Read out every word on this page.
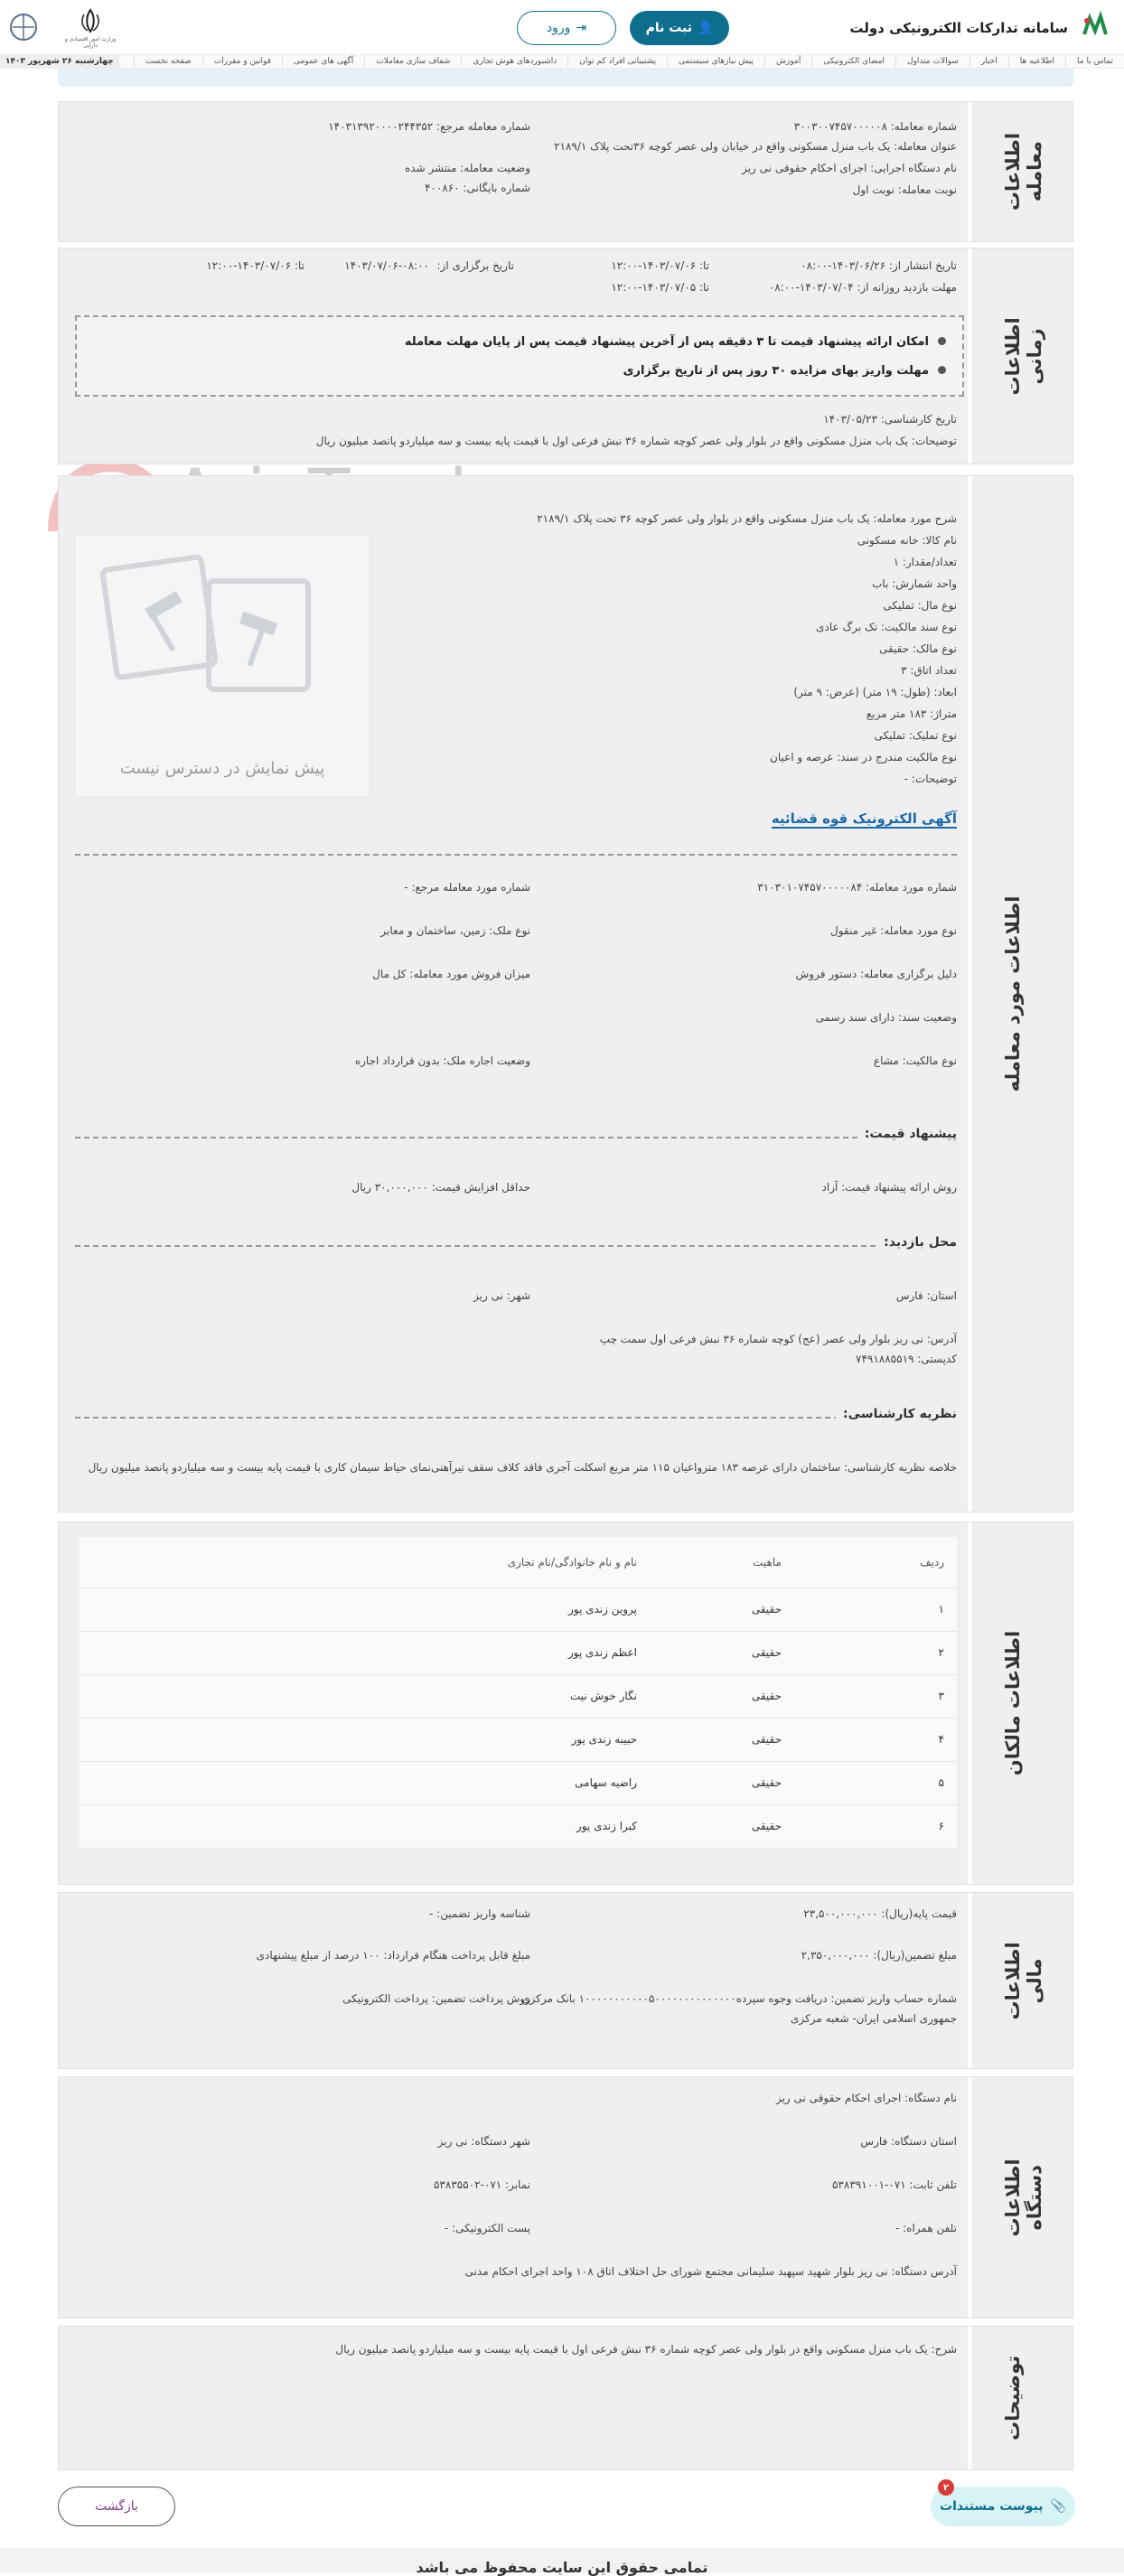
سامانه تدارکات الکترونیکی دولت
👤
ثبت نام
⇥
ورود
وزارت امور اقتصادی و دارایی
صفحه نخست	قوانین و مقررات	آگهی های عمومی	شفاف سازی معاملات	داشبوردهای هوش تجاری	پشتیبانی افراد کم توان	پیش نیازهای سیستمی	آموزش	امضای الکترونیکی	سوالات متداول	اخبار	اطلاعیه ها	تماس با ما
چهارشنبه ۲۶ شهریور ۱۴۰۳
اطلاعات معامله
شماره معامله: ۳۰۰۳۰۰۷۴۵۷۰۰۰۰۰۸
شماره معامله مرجع: ۱۴۰۳۱۳۹۲۰۰۰۰۲۴۴۳۵۲
عنوان معامله: یک باب منزل مسکونی واقع در خیابان ولی عصر کوچه ۳۶تحت پلاک ۲۱۸۹/۱
وضعیت معامله: منتشر شده	نام دستگاه اجرایی: اجرای احکام حقوقی نی ریز
شماره بایگانی: ۴۰۰۸۶۰	نوبت معامله: نوبت اول
اطلاعات زمانی
تاریخ انتشار از: ۱۴۰۳/۰۶/۲۶-۰۸:۰۰
تا: ۱۴۰۳/۰۷/۰۶-۱۲:۰۰
تاریخ برگزاری از:
۱۴۰۳/۰۷/۰۶-۰۸:۰۰
تا: ۱۴۰۳/۰۷/۰۶-۱۲:۰۰
مهلت بازدید روزانه از: ۱۴۰۳/۰۷/۰۴-۰۸:۰۰
تا: ۱۴۰۳/۰۷/۰۵-۱۲:۰۰
امکان ارائه پیشنهاد قیمت تا ۳ دقیقه پس از آخرین پیشنهاد قیمت پس از پایان مهلت معامله
مهلت واریز بهای مزایده ۳۰ روز پس از تاریخ برگزاری
تاریخ کارشناسی: ۱۴۰۳/۰۵/۲۳
توضیحات: یک باب منزل مسکونی واقع در بلوار ولی عصر کوچه شماره ۳۶ نبش فرعی اول با قیمت پایه بیست و سه میلیاردو پانصد میلیون ریال
اطلاعات مورد معامله
شرح مورد معامله: یک باب منزل مسکونی واقع در بلوار ولی عصر کوچه ۳۶ تحت پلاک ۲۱۸۹/۱
نام کالا: خانه مسکونی
تعداد/مقدار: ۱
واحد شمارش: باب
نوع مال: تملیکی
نوع سند مالکیت: تک برگ عادی
نوع مالک: حقیقی
تعداد اتاق: ۳
ابعاد: (طول: ۱۹ متر) (عرض: ۹ متر)
متراژ: ۱۸۳ متر مربع
نوع تملیک: تملیکی
نوع مالکیت مندرج در سند: عرصه و اعیان
توضیحات: -
آگهی الکترونیک قوه قضائیه
شماره مورد معامله: ۳۱۰۳۰۱۰۷۴۵۷۰۰۰۰۰۸۴
شماره مورد معامله مرجع: -
نوع مورد معامله: غیر منقول
نوع ملک: زمین، ساختمان و معابر
دلیل برگزاری معامله: دستور فروش
میزان فروش مورد معامله: کل مال
وضعیت سند: دارای سند رسمی
نوع مالکیت: مشاع
وضعیت اجاره ملک: بدون قرارداد اجاره
پیشنهاد قیمت:
روش ارائه پیشنهاد قیمت: آزاد
حداقل افزایش قیمت: ۳۰,۰۰۰,۰۰۰ ریال
محل بازدید:
استان: فارس
شهر: نی ریز
آدرس: نی ریز بلوار ولی عصر (عج) کوچه شماره ۳۶ نبش فرعی اول سمت چپ
کدپستی: ۷۴۹۱۸۸۵۵۱۹
نظریه کارشناسی:
خلاصه نظریه کارشناسی: ساختمان دارای عرصه ۱۸۳ مترواعیان ۱۱۵ متر مربع اسکلت آجری فاقد کلاف سقف تیرآهنی‌نمای حیاط سیمان کاری با قیمت پایه بیست و سه میلیاردو پانصد میلیون ریال
پیش نمایش در دسترس نیست
اطلاعات مالکان
ردیف	ماهیت	نام و نام خانوادگی/نام تجاری
۱	حقیقی	پروین زندی پور
۲	حقیقی	اعظم زندی پور
۳	حقیقی	نگار خوش نیت
۴	حقیقی	حبیبه زندی پور
۵	حقیقی	راضیه سهامی
۶	حقیقی	کبرا زندی پور
اطلاعات مالی
قیمت پایه(ریال): ۲۳,۵۰۰,۰۰۰,۰۰۰
شناسه واریز تضمین: -
مبلغ تضمین(ریال): ۲,۳۵۰,۰۰۰,۰۰۰
مبلغ قابل پرداخت هنگام قرارداد: ۱۰۰ درصد از مبلغ پیشنهادی
شماره حساب واریز تضمین: دریافت وجوه سپرده۱۰۰۰۰۰۰۰۰۰۰۰۵۰۰۰۰۰۰۰۰۰۰۰۰۰۰ بانک مرکزی
جمهوری اسلامی ایران- شعبه مرکزی
روش پرداخت تضمین: پرداخت الکترونیکی
اطلاعات دستگاه
نام دستگاه: اجرای احکام حقوقی نی ریز
استان دستگاه: فارس
شهر دستگاه: نی ریز
تلفن ثابت: ۰۷۱-۵۳۸۳۹۱۰۰۱
نمابر: ۰۷۱-۵۳۸۳۵۵۰۲
تلفن همراه: -
پست الکترونیکی: -
آدرس دستگاه: نی ریز بلوار شهید سپهبد سلیمانی مجتمع شورای حل اختلاف اتاق ۱۰۸ واحد اجرای احکام مدنی
توضیحات
شرح: یک باب منزل مسکونی واقع در بلوار ولی عصر کوچه شماره ۳۶ نبش فرعی اول با قیمت پایه بیست و سه میلیاردو پانصد میلیون ریال
📎
پیوست مستندات
۲
بازگشت
تمامی حقوق این سایت محفوظ می باشد
